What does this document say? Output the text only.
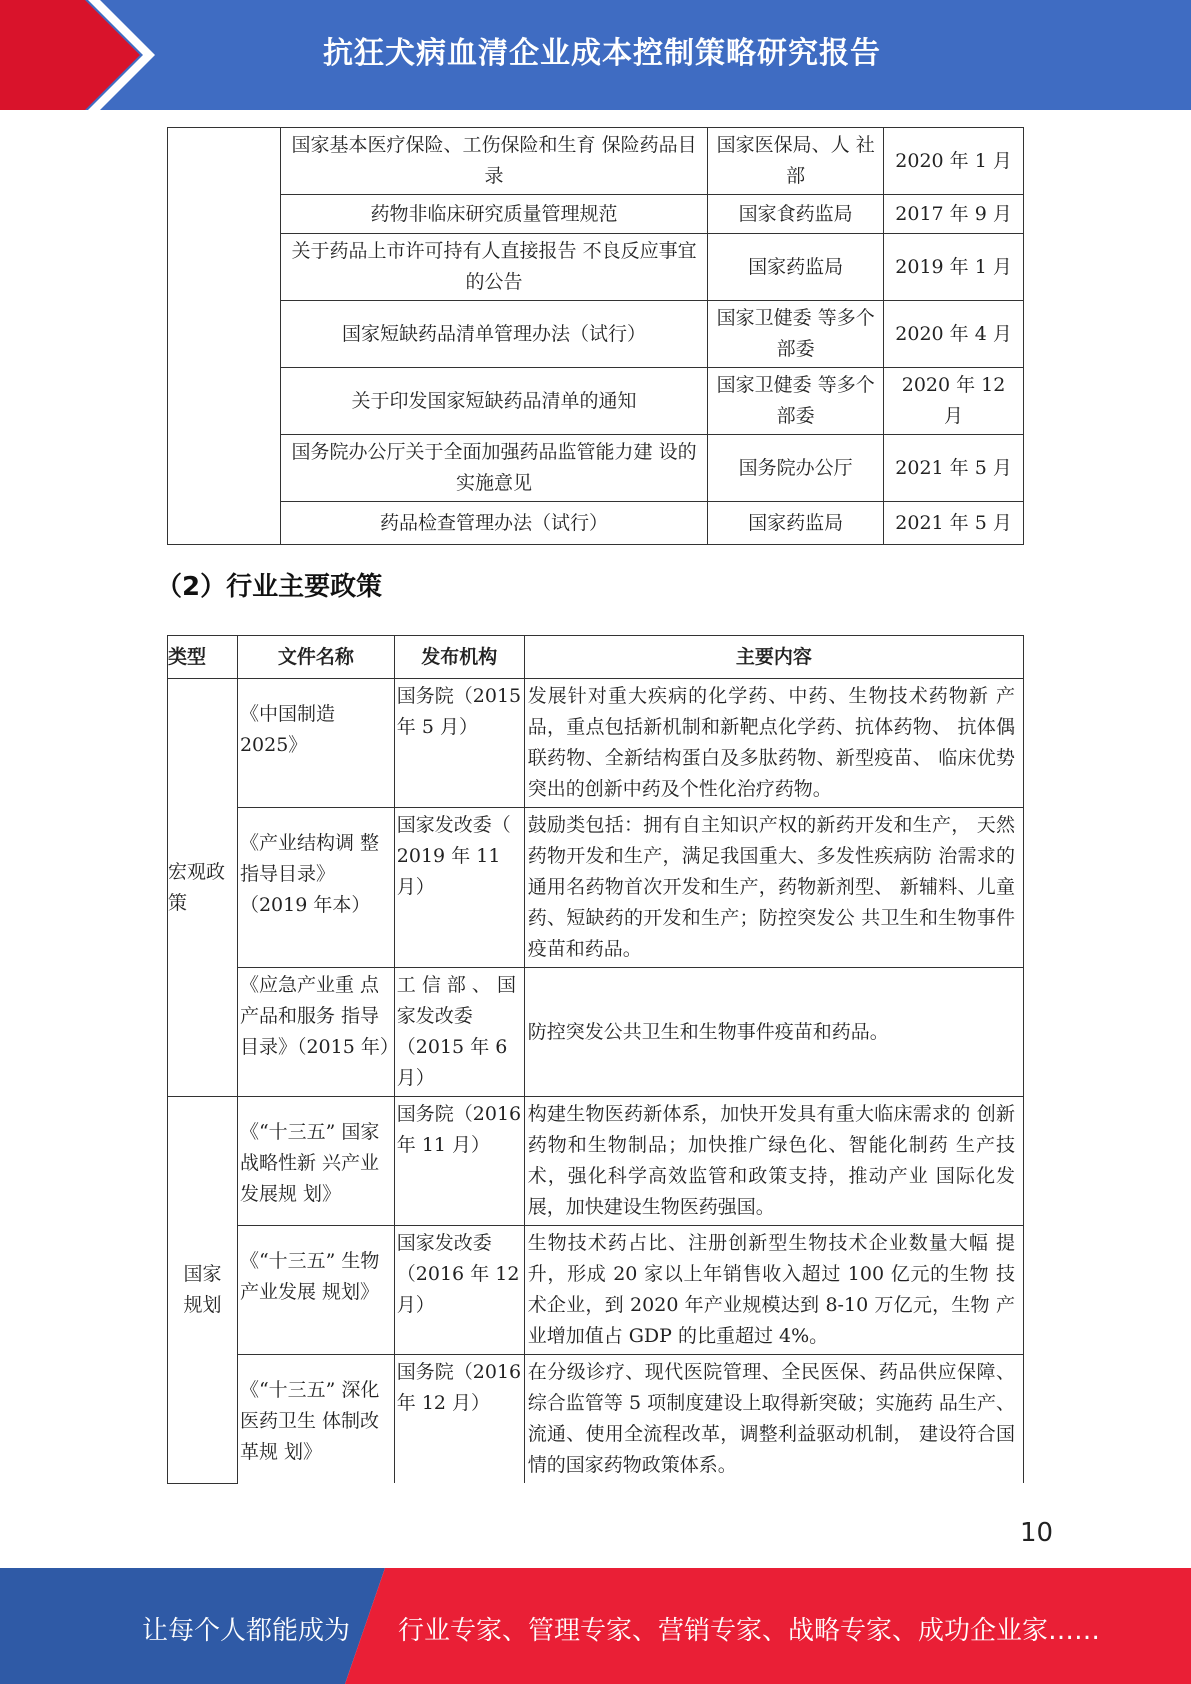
抗狂犬病血清企业成本控制策略研究报告
	国家基本医疗保险、工伤保险和生育 保险药品目录	国家医保局、人 社部	2020 年 1 月
	药物非临床研究质量管理规范	国家食药监局	2017 年 9 月
	关于药品上市许可持有人直接报告 不良反应事宜的公告	国家药监局	2019 年 1 月
	国家短缺药品清单管理办法（试行）	国家卫健委 等多个部委	2020 年 4 月
	关于印发国家短缺药品清单的通知	国家卫健委 等多个部委	2020 年 12 月
	国务院办公厅关于全面加强药品监管能力建 设的实施意见	国务院办公厅	2021 年 5 月
	药品检查管理办法（试行）	国家药监局	2021 年 5 月
（2）行业主要政策
类型	文件名称	发布机构	主要内容
宏观政策	《中国制造2025》	国务院（2015 年 5 月）	发展针对重大疾病的化学药、中药、生物技术药物新 产品，重点包括新机制和新靶点化学药、抗体药物、 抗体偶联药物、全新结构蛋白及多肽药物、新型疫苗、 临床优势突出的创新中药及个性化治疗药物。
	《产业结构调 整指导目录》（2019 年本）	国家发改委（ 2019 年 11 月）	鼓励类包括：拥有自主知识产权的新药开发和生产， 天然药物开发和生产，满足我国重大、多发性疾病防 治需求的通用名药物首次开发和生产，药物新剂型、 新辅料、儿童药、短缺药的开发和生产；防控突发公 共卫生和生物事件疫苗和药品。
	《应急产业重 点产品和服务 指导目录》（2015 年）	工 信 部 、 国家发改委（2015 年 6 月）	防控突发公共卫生和生物事件疫苗和药品。
国家规划	《“十三五” 国家战略性新 兴产业发展规 划》	国务院（2016 年 11 月）	构建生物医药新体系，加快开发具有重大临床需求的 创新药物和生物制品；加快推广绿色化、智能化制药 生产技术，强化科学高效监管和政策支持，推动产业 国际化发展，加快建设生物医药强国。
	《“十三五” 生物产业发展 规划》	国家发改委（2016 年 12 月）	生物技术药占比、注册创新型生物技术企业数量大幅 提升，形成 20 家以上年销售收入超过 100 亿元的生物 技术企业，到 2020 年产业规模达到 8-10 万亿元，生物 产业增加值占 GDP 的比重超过 4%。
	《“十三五” 深化医药卫生 体制改革规 划》	国务院（2016 年 12 月）	在分级诊疗、现代医院管理、全民医保、药品供应保障、综合监管等 5 项制度建设上取得新突破；实施药 品生产、流通、使用全流程改革，调整利益驱动机制， 建设符合国情的国家药物政策体系。
10
让每个人都能成为 行业专家、管理专家、营销专家、战略专家、成功企业家……
